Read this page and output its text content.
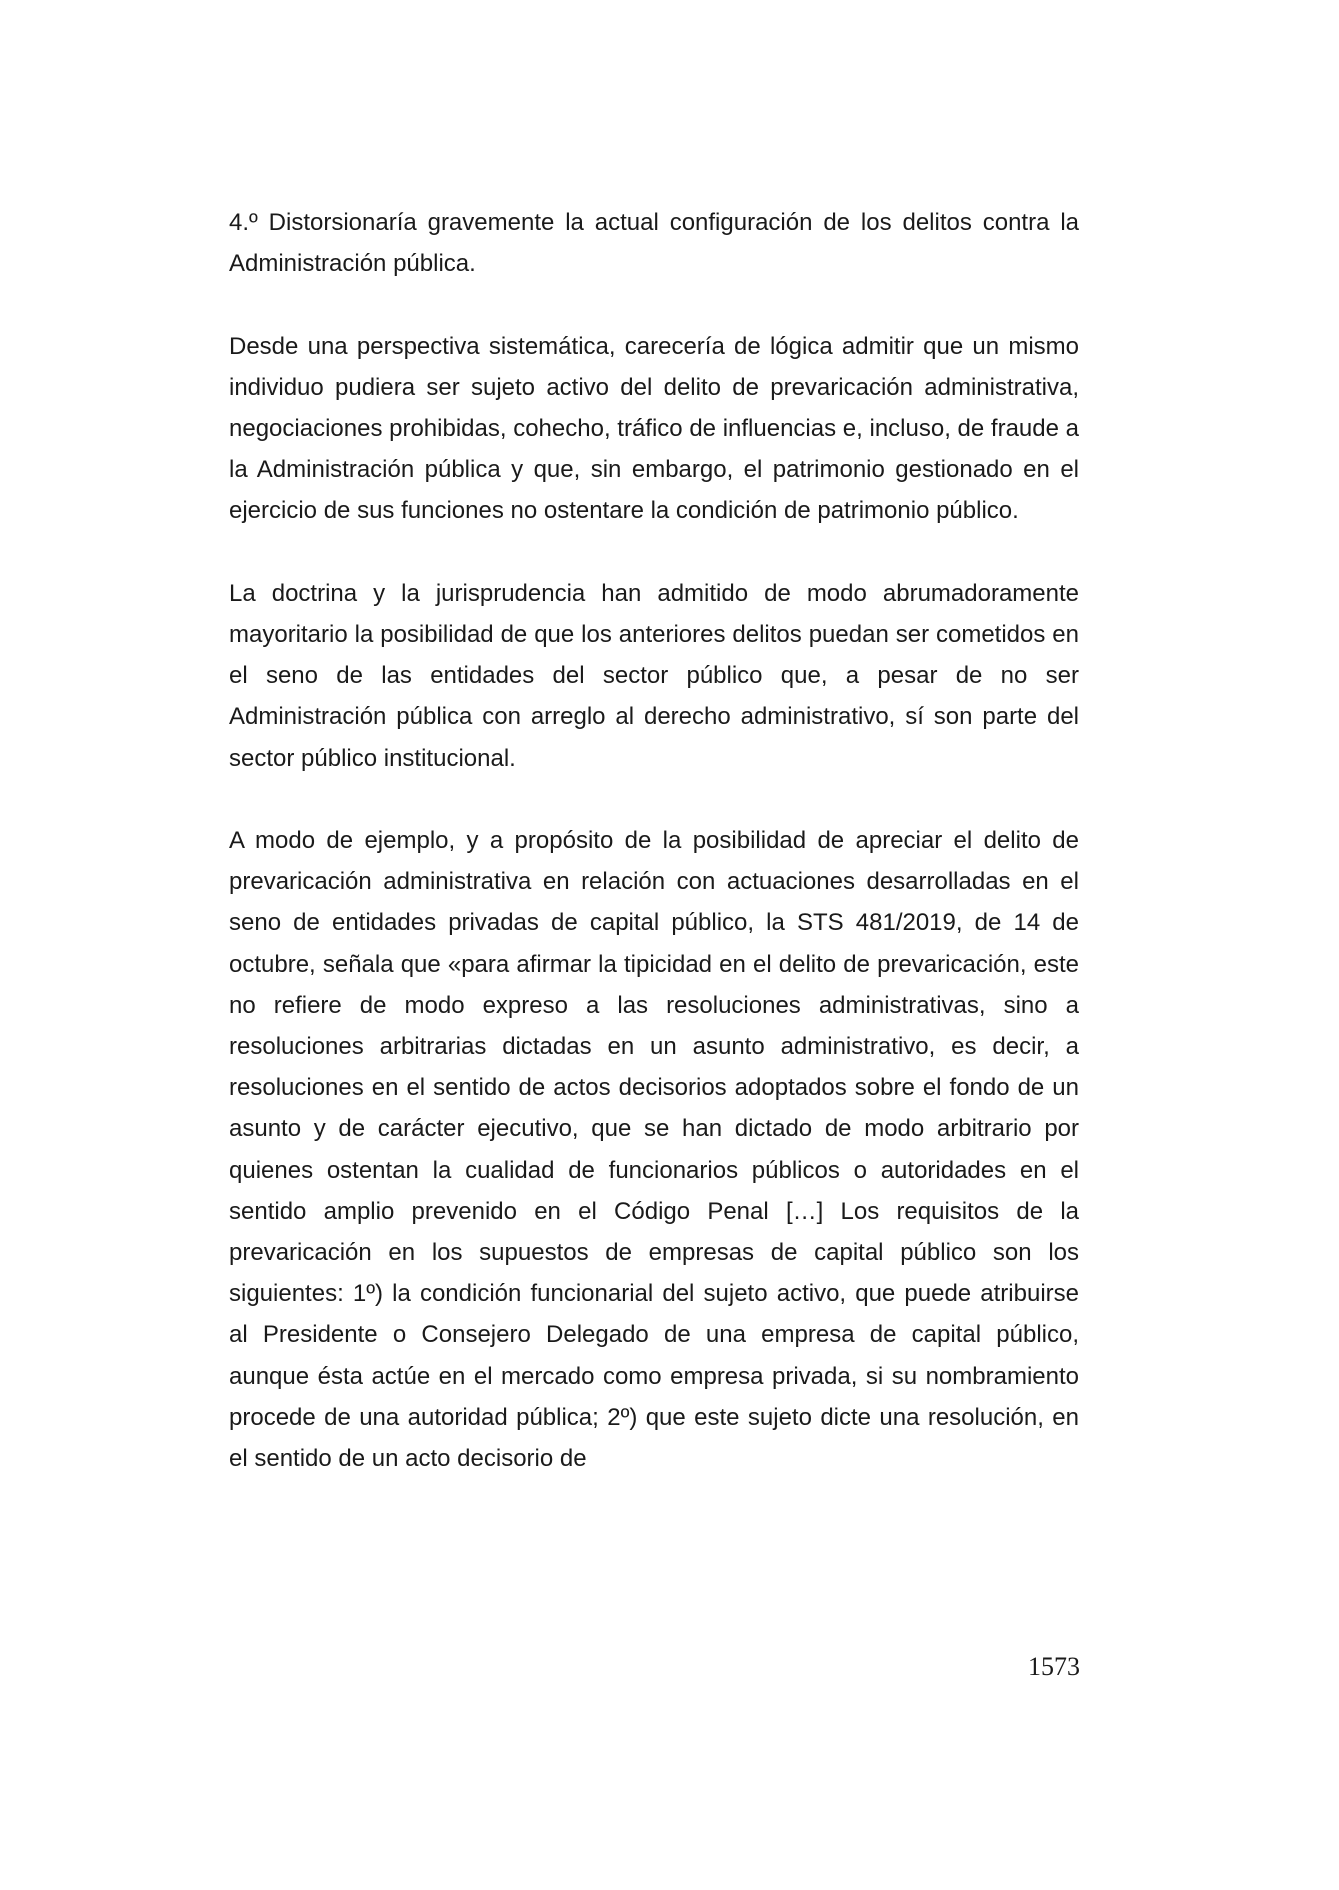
4.º Distorsionaría gravemente la actual configuración de los delitos contra la Administración pública.

Desde una perspectiva sistemática, carecería de lógica admitir que un mismo individuo pudiera ser sujeto activo del delito de prevaricación administrativa, negociaciones prohibidas, cohecho, tráfico de influencias e, incluso, de fraude a la Administración pública y que, sin embargo, el patrimonio gestionado en el ejercicio de sus funciones no ostentare la condición de patrimonio público.

La doctrina y la jurisprudencia han admitido de modo abrumadoramente mayoritario la posibilidad de que los anteriores delitos puedan ser cometidos en el seno de las entidades del sector público que, a pesar de no ser Administración pública con arreglo al derecho administrativo, sí son parte del sector público institucional.

A modo de ejemplo, y a propósito de la posibilidad de apreciar el delito de prevaricación administrativa en relación con actuaciones desarrolladas en el seno de entidades privadas de capital público, la STS 481/2019, de 14 de octubre, señala que «para afirmar la tipicidad en el delito de prevaricación, este no refiere de modo expreso a las resoluciones administrativas, sino a resoluciones arbitrarias dictadas en un asunto administrativo, es decir, a resoluciones en el sentido de actos decisorios adoptados sobre el fondo de un asunto y de carácter ejecutivo, que se han dictado de modo arbitrario por quienes ostentan la cualidad de funcionarios públicos o autoridades en el sentido amplio prevenido en el Código Penal […] Los requisitos de la prevaricación en los supuestos de empresas de capital público son los siguientes: 1º) la condición funcionarial del sujeto activo, que puede atribuirse al Presidente o Consejero Delegado de una empresa de capital público, aunque ésta actúe en el mercado como empresa privada, si su nombramiento procede de una autoridad pública; 2º) que este sujeto dicte una resolución, en el sentido de un acto decisorio de

1573
